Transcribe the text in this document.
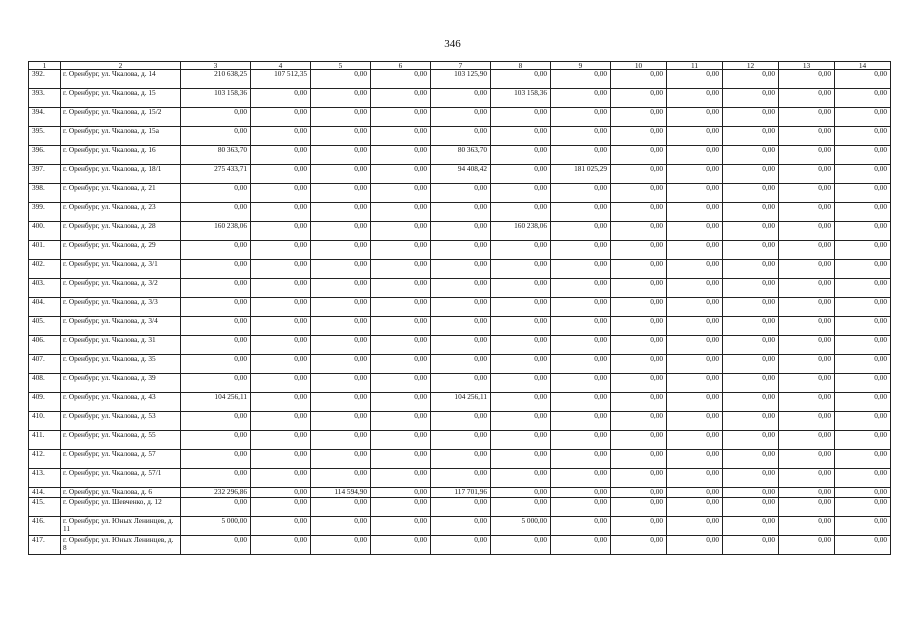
346
1	2	3	4	5	6	7	8	9	10	11	12	13	14
392.	г. Оренбург, ул. Чкалова, д. 14	210 638,25	107 512,35	0,00	0,00	103 125,90	0,00	0,00	0,00	0,00	0,00	0,00	0,00
393.	г. Оренбург, ул. Чкалова, д. 15	103 158,36	0,00	0,00	0,00	0,00	103 158,36	0,00	0,00	0,00	0,00	0,00	0,00
394.	г. Оренбург, ул. Чкалова, д. 15/2	0,00	0,00	0,00	0,00	0,00	0,00	0,00	0,00	0,00	0,00	0,00	0,00
395.	г. Оренбург, ул. Чкалова, д. 15а	0,00	0,00	0,00	0,00	0,00	0,00	0,00	0,00	0,00	0,00	0,00	0,00
396.	г. Оренбург, ул. Чкалова, д. 16	80 363,70	0,00	0,00	0,00	80 363,70	0,00	0,00	0,00	0,00	0,00	0,00	0,00
397.	г. Оренбург, ул. Чкалова, д. 18/1	275 433,71	0,00	0,00	0,00	94 408,42	0,00	181 025,29	0,00	0,00	0,00	0,00	0,00
398.	г. Оренбург, ул. Чкалова, д. 21	0,00	0,00	0,00	0,00	0,00	0,00	0,00	0,00	0,00	0,00	0,00	0,00
399.	г. Оренбург, ул. Чкалова, д. 23	0,00	0,00	0,00	0,00	0,00	0,00	0,00	0,00	0,00	0,00	0,00	0,00
400.	г. Оренбург, ул. Чкалова, д. 28	160 238,06	0,00	0,00	0,00	0,00	160 238,06	0,00	0,00	0,00	0,00	0,00	0,00
401.	г. Оренбург, ул. Чкалова, д. 29	0,00	0,00	0,00	0,00	0,00	0,00	0,00	0,00	0,00	0,00	0,00	0,00
402.	г. Оренбург, ул. Чкалова, д. 3/1	0,00	0,00	0,00	0,00	0,00	0,00	0,00	0,00	0,00	0,00	0,00	0,00
403.	г. Оренбург, ул. Чкалова, д. 3/2	0,00	0,00	0,00	0,00	0,00	0,00	0,00	0,00	0,00	0,00	0,00	0,00
404.	г. Оренбург, ул. Чкалова, д. 3/3	0,00	0,00	0,00	0,00	0,00	0,00	0,00	0,00	0,00	0,00	0,00	0,00
405.	г. Оренбург, ул. Чкалова, д. 3/4	0,00	0,00	0,00	0,00	0,00	0,00	0,00	0,00	0,00	0,00	0,00	0,00
406.	г. Оренбург, ул. Чкалова, д. 31	0,00	0,00	0,00	0,00	0,00	0,00	0,00	0,00	0,00	0,00	0,00	0,00
407.	г. Оренбург, ул. Чкалова, д. 35	0,00	0,00	0,00	0,00	0,00	0,00	0,00	0,00	0,00	0,00	0,00	0,00
408.	г. Оренбург, ул. Чкалова, д. 39	0,00	0,00	0,00	0,00	0,00	0,00	0,00	0,00	0,00	0,00	0,00	0,00
409.	г. Оренбург, ул. Чкалова, д. 43	104 256,11	0,00	0,00	0,00	104 256,11	0,00	0,00	0,00	0,00	0,00	0,00	0,00
410.	г. Оренбург, ул. Чкалова, д. 53	0,00	0,00	0,00	0,00	0,00	0,00	0,00	0,00	0,00	0,00	0,00	0,00
411.	г. Оренбург, ул. Чкалова, д. 55	0,00	0,00	0,00	0,00	0,00	0,00	0,00	0,00	0,00	0,00	0,00	0,00
412.	г. Оренбург, ул. Чкалова, д. 57	0,00	0,00	0,00	0,00	0,00	0,00	0,00	0,00	0,00	0,00	0,00	0,00
413.	г. Оренбург, ул. Чкалова, д. 57/1	0,00	0,00	0,00	0,00	0,00	0,00	0,00	0,00	0,00	0,00	0,00	0,00
414.	г. Оренбург, ул. Чкалова, д. 6	232 296,86	0,00	114 594,90	0,00	117 701,96	0,00	0,00	0,00	0,00	0,00	0,00	0,00
415.	г. Оренбург, ул. Шевченко, д. 12	0,00	0,00	0,00	0,00	0,00	0,00	0,00	0,00	0,00	0,00	0,00	0,00
416.	г. Оренбург, ул. Юных Ленинцев, д. 11	5 000,00	0,00	0,00	0,00	0,00	5 000,00	0,00	0,00	0,00	0,00	0,00	0,00
417.	г. Оренбург, ул. Юных Ленинцев, д. 8	0,00	0,00	0,00	0,00	0,00	0,00	0,00	0,00	0,00	0,00	0,00	0,00
